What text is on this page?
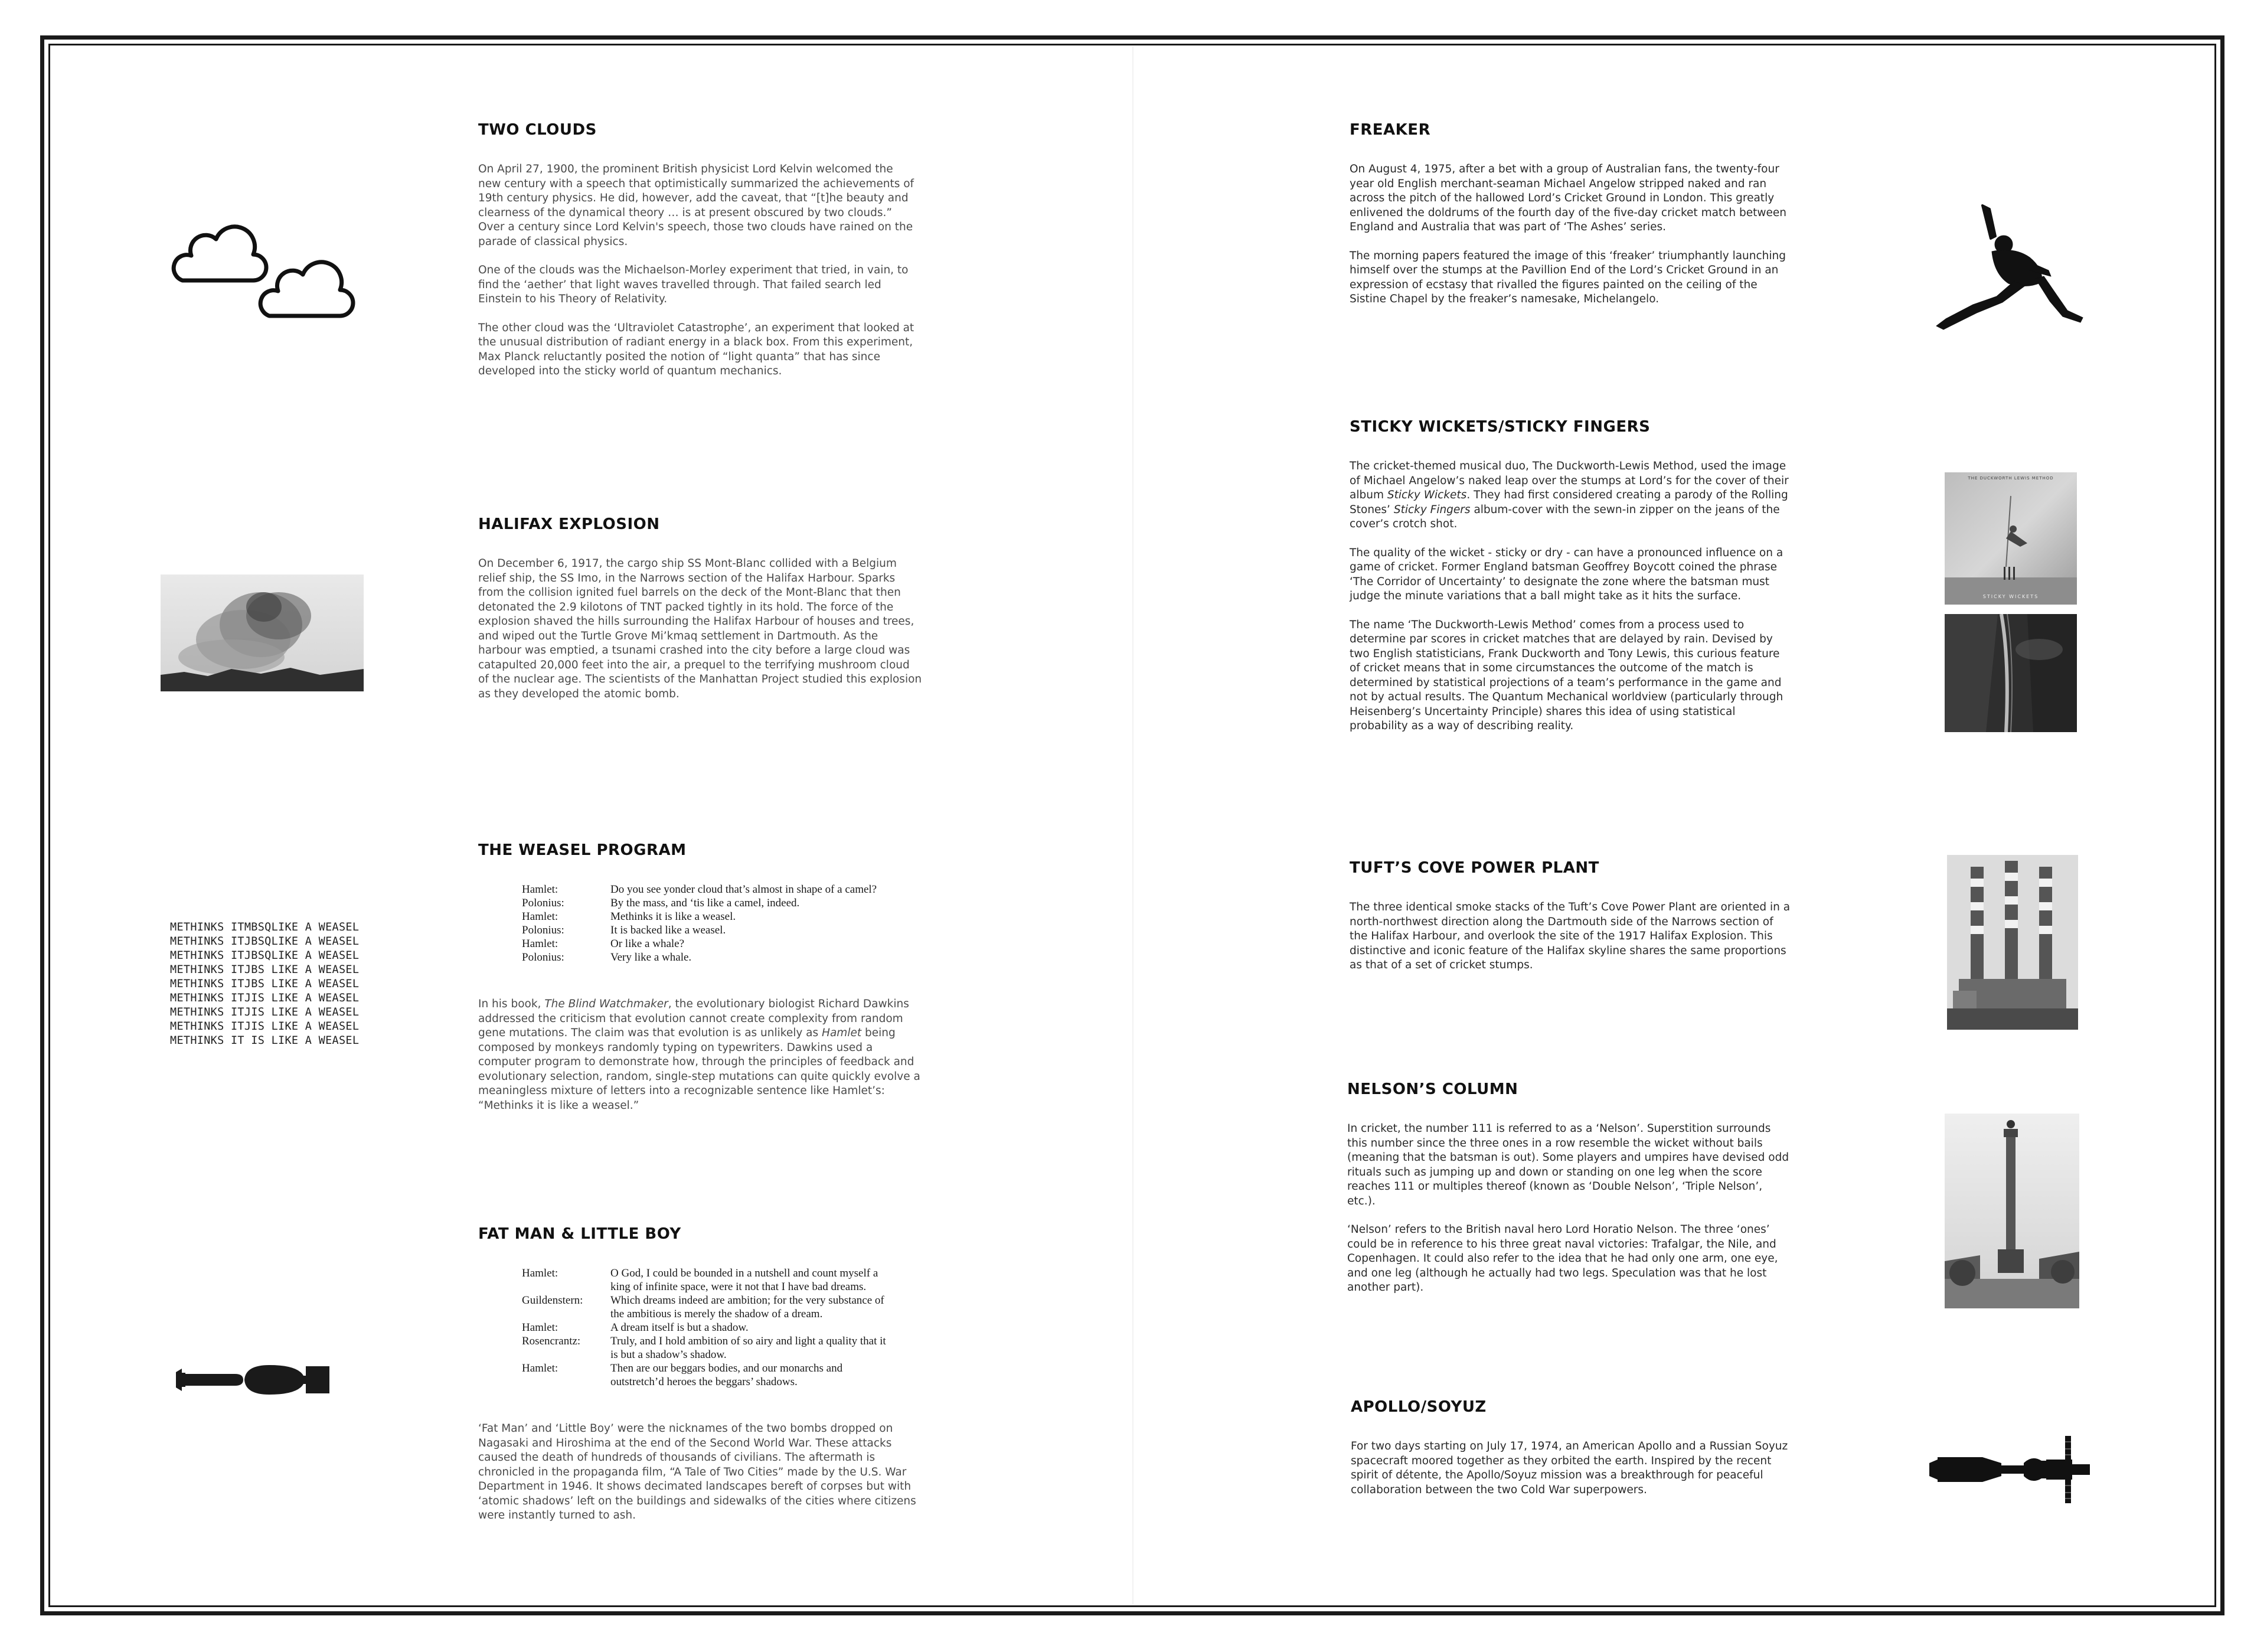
TWO CLOUDS

On April 27, 1900, the prominent British physicist Lord Kelvin welcomed the new century with a speech that optimistically summarized the achievements of 19th century physics. He did, however, add the caveat, that “[t]he beauty and clearness of the dynamical theory … is at present obscured by two clouds.” Over a century since Lord Kelvin's speech, those two clouds have rained on the parade of classical physics.

One of the clouds was the Michaelson-Morley experiment that tried, in vain, to find the ‘aether’ that light waves travelled through. That failed search led Einstein to his Theory of Relativity.

The other cloud was the ‘Ultraviolet Catastrophe’, an experiment that looked at the unusual distribution of radiant energy in a black box. From this experiment, Max Planck reluctantly posited the notion of “light quanta” that has since developed into the sticky world of quantum mechanics.

HALIFAX EXPLOSION

On December 6, 1917, the cargo ship SS Mont-Blanc collided with a Belgium relief ship, the SS Imo, in the Narrows section of the Halifax Harbour. Sparks from the collision ignited fuel barrels on the deck of the Mont-Blanc that then detonated the 2.9 kilotons of TNT packed tightly in its hold. The force of the explosion shaved the hills surrounding the Halifax Harbour of houses and trees, and wiped out the Turtle Grove Mi’kmaq settlement in Dartmouth. As the harbour was emptied, a tsunami crashed into the city before a large cloud was catapulted 20,000 feet into the air, a prequel to the terrifying mushroom cloud of the nuclear age. The scientists of the Manhattan Project studied this explosion as they developed the atomic bomb.

METHINKS ITMBSQLIKE A WEASEL

METHINKS ITJBSQLIKE A WEASEL

METHINKS ITJBSQLIKE A WEASEL

METHINKS ITJBS LIKE A WEASEL

METHINKS ITJBS LIKE A WEASEL

METHINKS ITJIS LIKE A WEASEL

METHINKS ITJIS LIKE A WEASEL

METHINKS ITJIS LIKE A WEASEL

METHINKS IT IS LIKE A WEASEL

THE WEASEL PROGRAM
Hamlet:	Do you see yonder cloud that’s almost in shape of a camel?
Polonius:	By the mass, and ‘tis like a camel, indeed.
Hamlet:	Methinks it is like a weasel.
Polonius:	It is backed like a weasel.
Hamlet:	Or like a whale?
Polonius:	Very like a whale.

In his book, The Blind Watchmaker, the evolutionary biologist Richard Dawkins addressed the criticism that evolution cannot create complexity from random gene mutations. The claim was that evolution is as unlikely as Hamlet being composed by monkeys randomly typing on typewriters. Dawkins used a computer program to demonstrate how, through the principles of feedback and evolutionary selection, random, single-step mutations can quite quickly evolve a meaningless mixture of letters into a recognizable sentence like Hamlet’s: “Methinks it is like a weasel.”

FAT MAN & LITTLE BOY
Hamlet:	O God, I could be bounded in a nutshell and count myself a king of infinite space, were it not that I have bad dreams.
Guildenstern:	Which dreams indeed are ambition; for the very substance of the ambitious is merely the shadow of a dream.
Hamlet:	A dream itself is but a shadow.
Rosencrantz:	Truly, and I hold ambition of so airy and light a quality that it is but a shadow’s shadow.
Hamlet:	Then are our beggars bodies, and our monarchs and outstretch’d heroes the beggars’ shadows.

‘Fat Man’ and ‘Little Boy’ were the nicknames of the two bombs dropped on Nagasaki and Hiroshima at the end of the Second World War. These attacks caused the death of hundreds of thousands of civilians. The aftermath is chronicled in the propaganda film, “A Tale of Two Cities” made by the U.S. War Department in 1946. It shows decimated landscapes bereft of corpses but with ‘atomic shadows’ left on the buildings and sidewalks of the cities where citizens were instantly turned to ash.

FREAKER

On August 4, 1975, after a bet with a group of Australian fans, the twenty-four year old English merchant-seaman Michael Angelow stripped naked and ran across the pitch of the hallowed Lord’s Cricket Ground in London. This greatly enlivened the doldrums of the fourth day of the five-day cricket match between England and Australia that was part of ‘The Ashes’ series.

The morning papers featured the image of this ‘freaker’ triumphantly launching himself over the stumps at the Pavillion End of the Lord’s Cricket Ground in an expression of ecstasy that rivalled the figures painted on the ceiling of the Sistine Chapel by the freaker’s namesake, Michelangelo.

STICKY WICKETS/STICKY FINGERS

The cricket-themed musical duo, The Duckworth-Lewis Method, used the image of Michael Angelow’s naked leap over the stumps at Lord’s for the cover of their album Sticky Wickets. They had first considered creating a parody of the Rolling Stones’ Sticky Fingers album-cover with the sewn-in zipper on the jeans of the cover’s crotch shot.

The quality of the wicket - sticky or dry - can have a pronounced influence on a game of cricket. Former England batsman Geoffrey Boycott coined the phrase ‘The Corridor of Uncertainty’ to designate the zone where the batsman must judge the minute variations that a ball might take as it hits the surface.

The name ‘The Duckworth-Lewis Method’ comes from a process used to determine par scores in cricket matches that are delayed by rain. Devised by two English statisticians, Frank Duckworth and Tony Lewis, this curious feature of cricket means that in some circumstances the outcome of the match is determined by statistical projections of a team’s performance in the game and not by actual results. The Quantum Mechanical worldview (particularly through Heisenberg’s Uncertainty Principle) shares this idea of using statistical probability as a way of describing reality.

THE DUCKWORTH LEWIS METHOD
STICKY WICKETS
TUFT’S COVE POWER PLANT

The three identical smoke stacks of the Tuft’s Cove Power Plant are oriented in a north-northwest direction along the Dartmouth side of the Narrows section of the Halifax Harbour, and overlook the site of the 1917 Halifax Explosion. This distinctive and iconic feature of the Halifax skyline shares the same proportions as that of a set of cricket stumps.

NELSON’S COLUMN

In cricket, the number 111 is referred to as a ‘Nelson’. Superstition surrounds this number since the three ones in a row resemble the wicket without bails (meaning that the batsman is out). Some players and umpires have devised odd rituals such as jumping up and down or standing on one leg when the score reaches 111 or multiples thereof (known as ‘Double Nelson’, ‘Triple Nelson’, etc.).

‘Nelson’ refers to the British naval hero Lord Horatio Nelson. The three ‘ones’ could be in reference to his three great naval victories: Trafalgar, the Nile, and Copenhagen. It could also refer to the idea that he had only one arm, one eye, and one leg (although he actually had two legs. Speculation was that he lost another part).

APOLLO/SOYUZ

For two days starting on July 17, 1974, an American Apollo and a Russian Soyuz spacecraft moored together as they orbited the earth. Inspired by the recent spirit of détente, the Apollo/Soyuz mission was a breakthrough for peaceful collaboration between the two Cold War superpowers.
